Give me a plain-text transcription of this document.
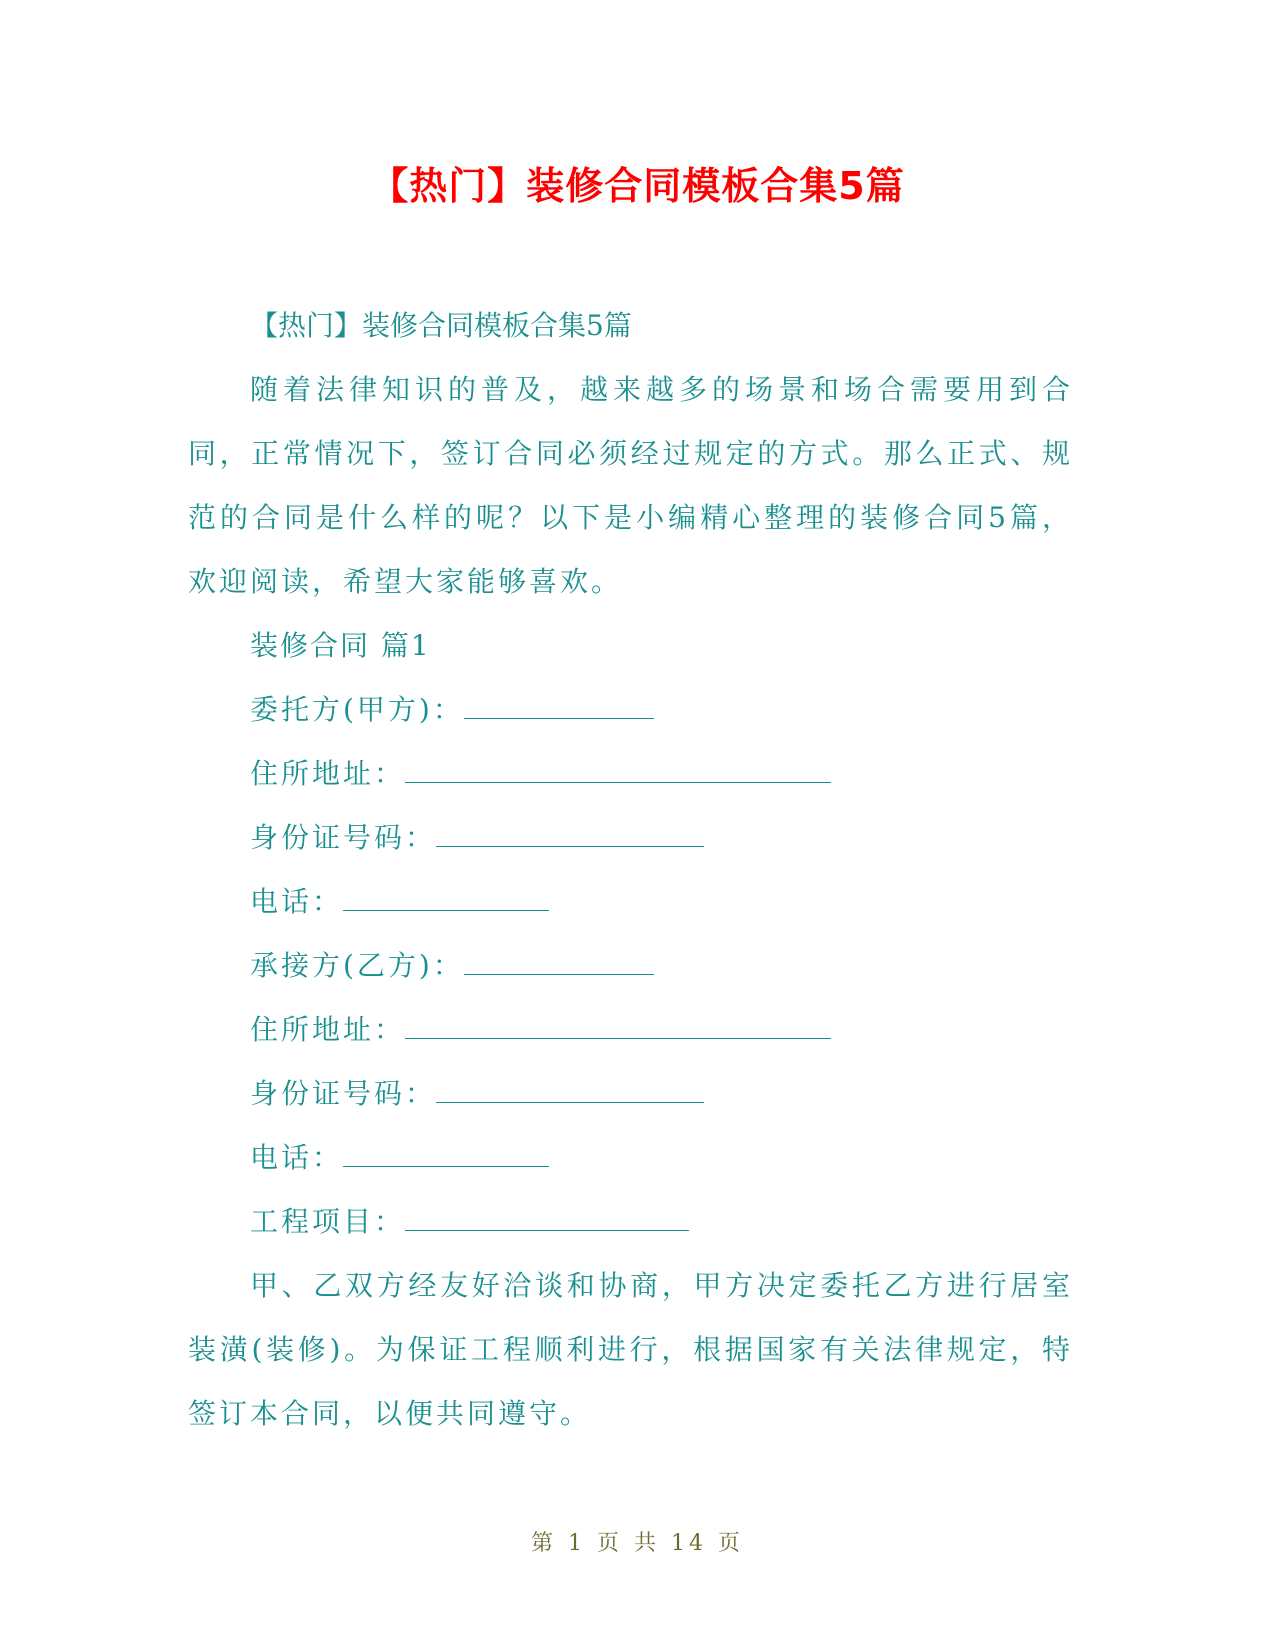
【热门】装修合同模板合集5篇

【热门】装修合同模板合集5篇

随着法律知识的普及，越来越多的场景和场合需要用到合同，正常情况下，签订合同必须经过规定的方式。那么正式、规范的合同是什么样的呢？以下是小编精心整理的装修合同5篇，欢迎阅读，希望大家能够喜欢。

装修合同 篇1

委托方(甲方)：

住所地址：

身份证号码：

电话：

承接方(乙方)：

住所地址：

身份证号码：

电话：

工程项目：

甲、乙双方经友好洽谈和协商，甲方决定委托乙方进行居室装潢(装修)。为保证工程顺利进行，根据国家有关法律规定，特签订本合同，以便共同遵守。

第 1 页 共 14 页
